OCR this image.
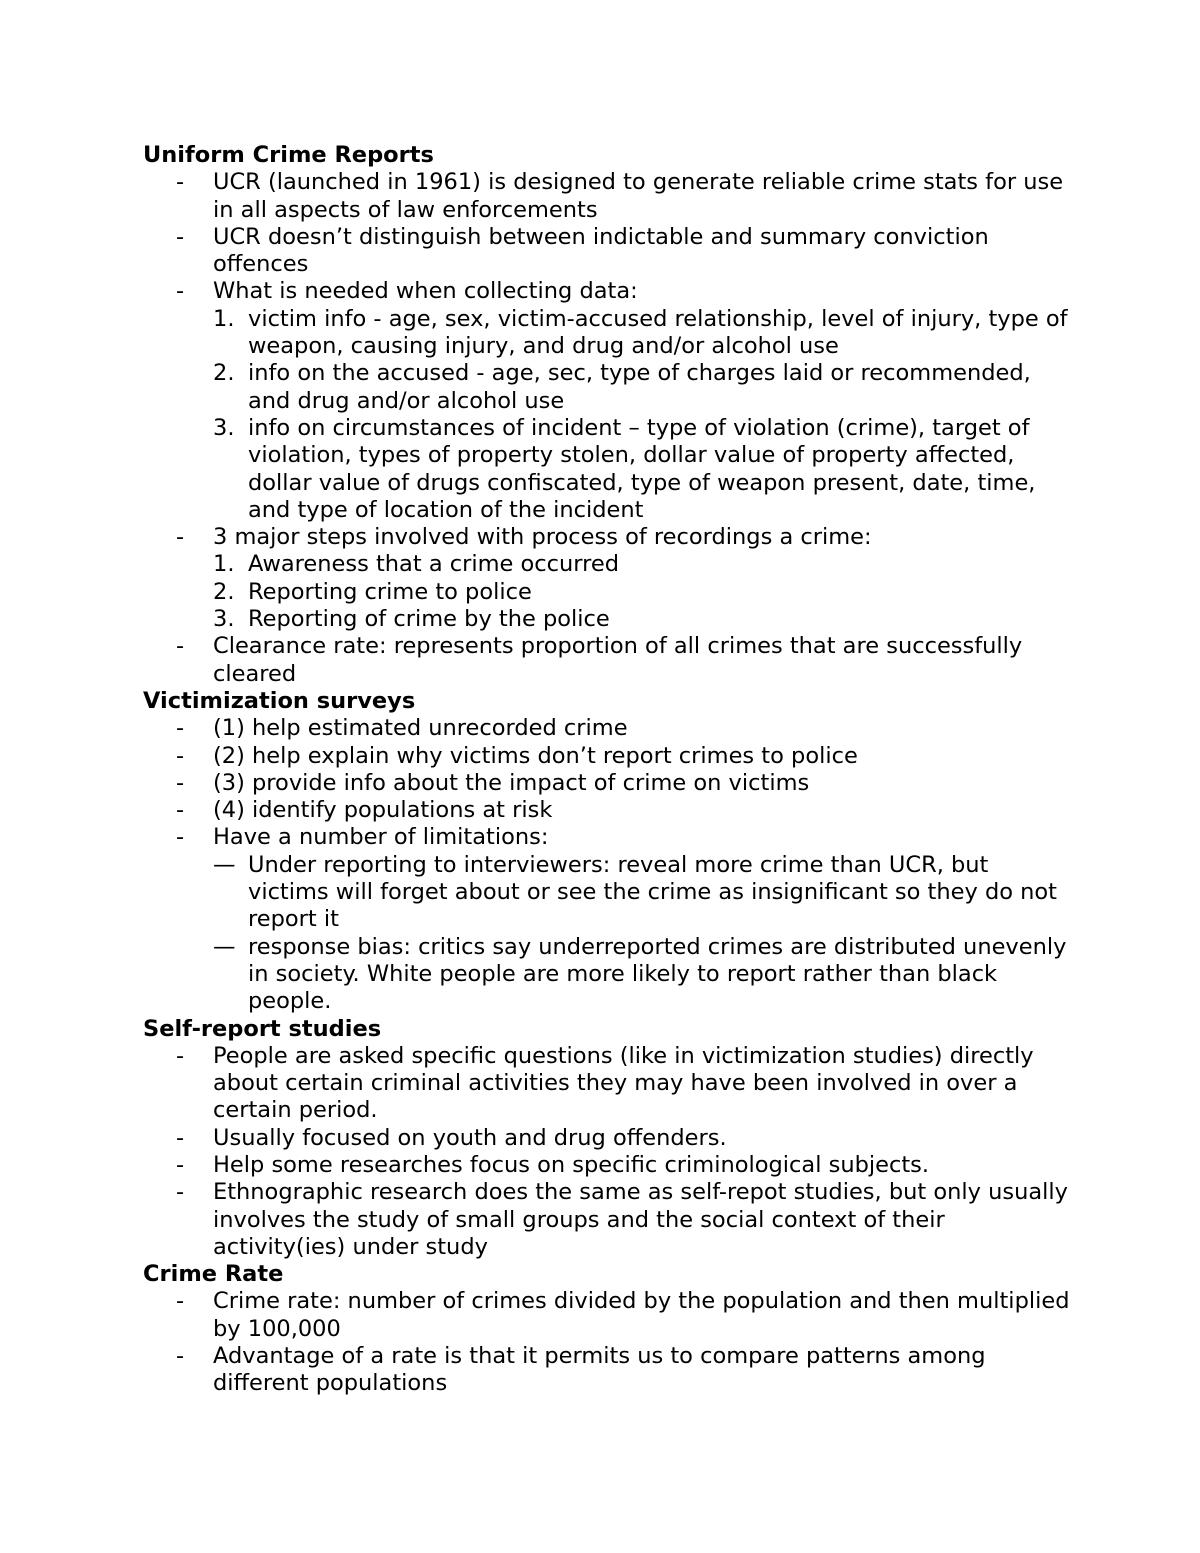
Uniform Crime Reports
- UCR (launched in 1961) is designed to generate reliable crime stats for use in all aspects of law enforcements
- UCR doesn’t distinguish between indictable and summary conviction offences
- What is needed when collecting data:
1. victim info - age, sex, victim-accused relationship, level of injury, type of weapon, causing injury, and drug and/or alcohol use
2. info on the accused - age, sec, type of charges laid or recommended, and drug and/or alcohol use
3. info on circumstances of incident – type of violation (crime), target of violation, types of property stolen, dollar value of property affected, dollar value of drugs confiscated, type of weapon present, date, time, and type of location of the incident
- 3 major steps involved with process of recordings a crime:
1. Awareness that a crime occurred
2. Reporting crime to police
3. Reporting of crime by the police
- Clearance rate: represents proportion of all crimes that are successfully cleared
Victimization surveys
- (1) help estimated unrecorded crime
- (2) help explain why victims don’t report crimes to police
- (3) provide info about the impact of crime on victims
- (4) identify populations at risk
- Have a number of limitations:
— Under reporting to interviewers: reveal more crime than UCR, but victims will forget about or see the crime as insignificant so they do not report it
— response bias: critics say underreported crimes are distributed unevenly in society. White people are more likely to report rather than black people.
Self-report studies
- People are asked specific questions (like in victimization studies) directly about certain criminal activities they may have been involved in over a certain period.
- Usually focused on youth and drug offenders.
- Help some researches focus on specific criminological subjects.
- Ethnographic research does the same as self-repot studies, but only usually involves the study of small groups and the social context of their activity(ies) under study
Crime Rate
- Crime rate: number of crimes divided by the population and then multiplied by 100,000
- Advantage of a rate is that it permits us to compare patterns among different populations
